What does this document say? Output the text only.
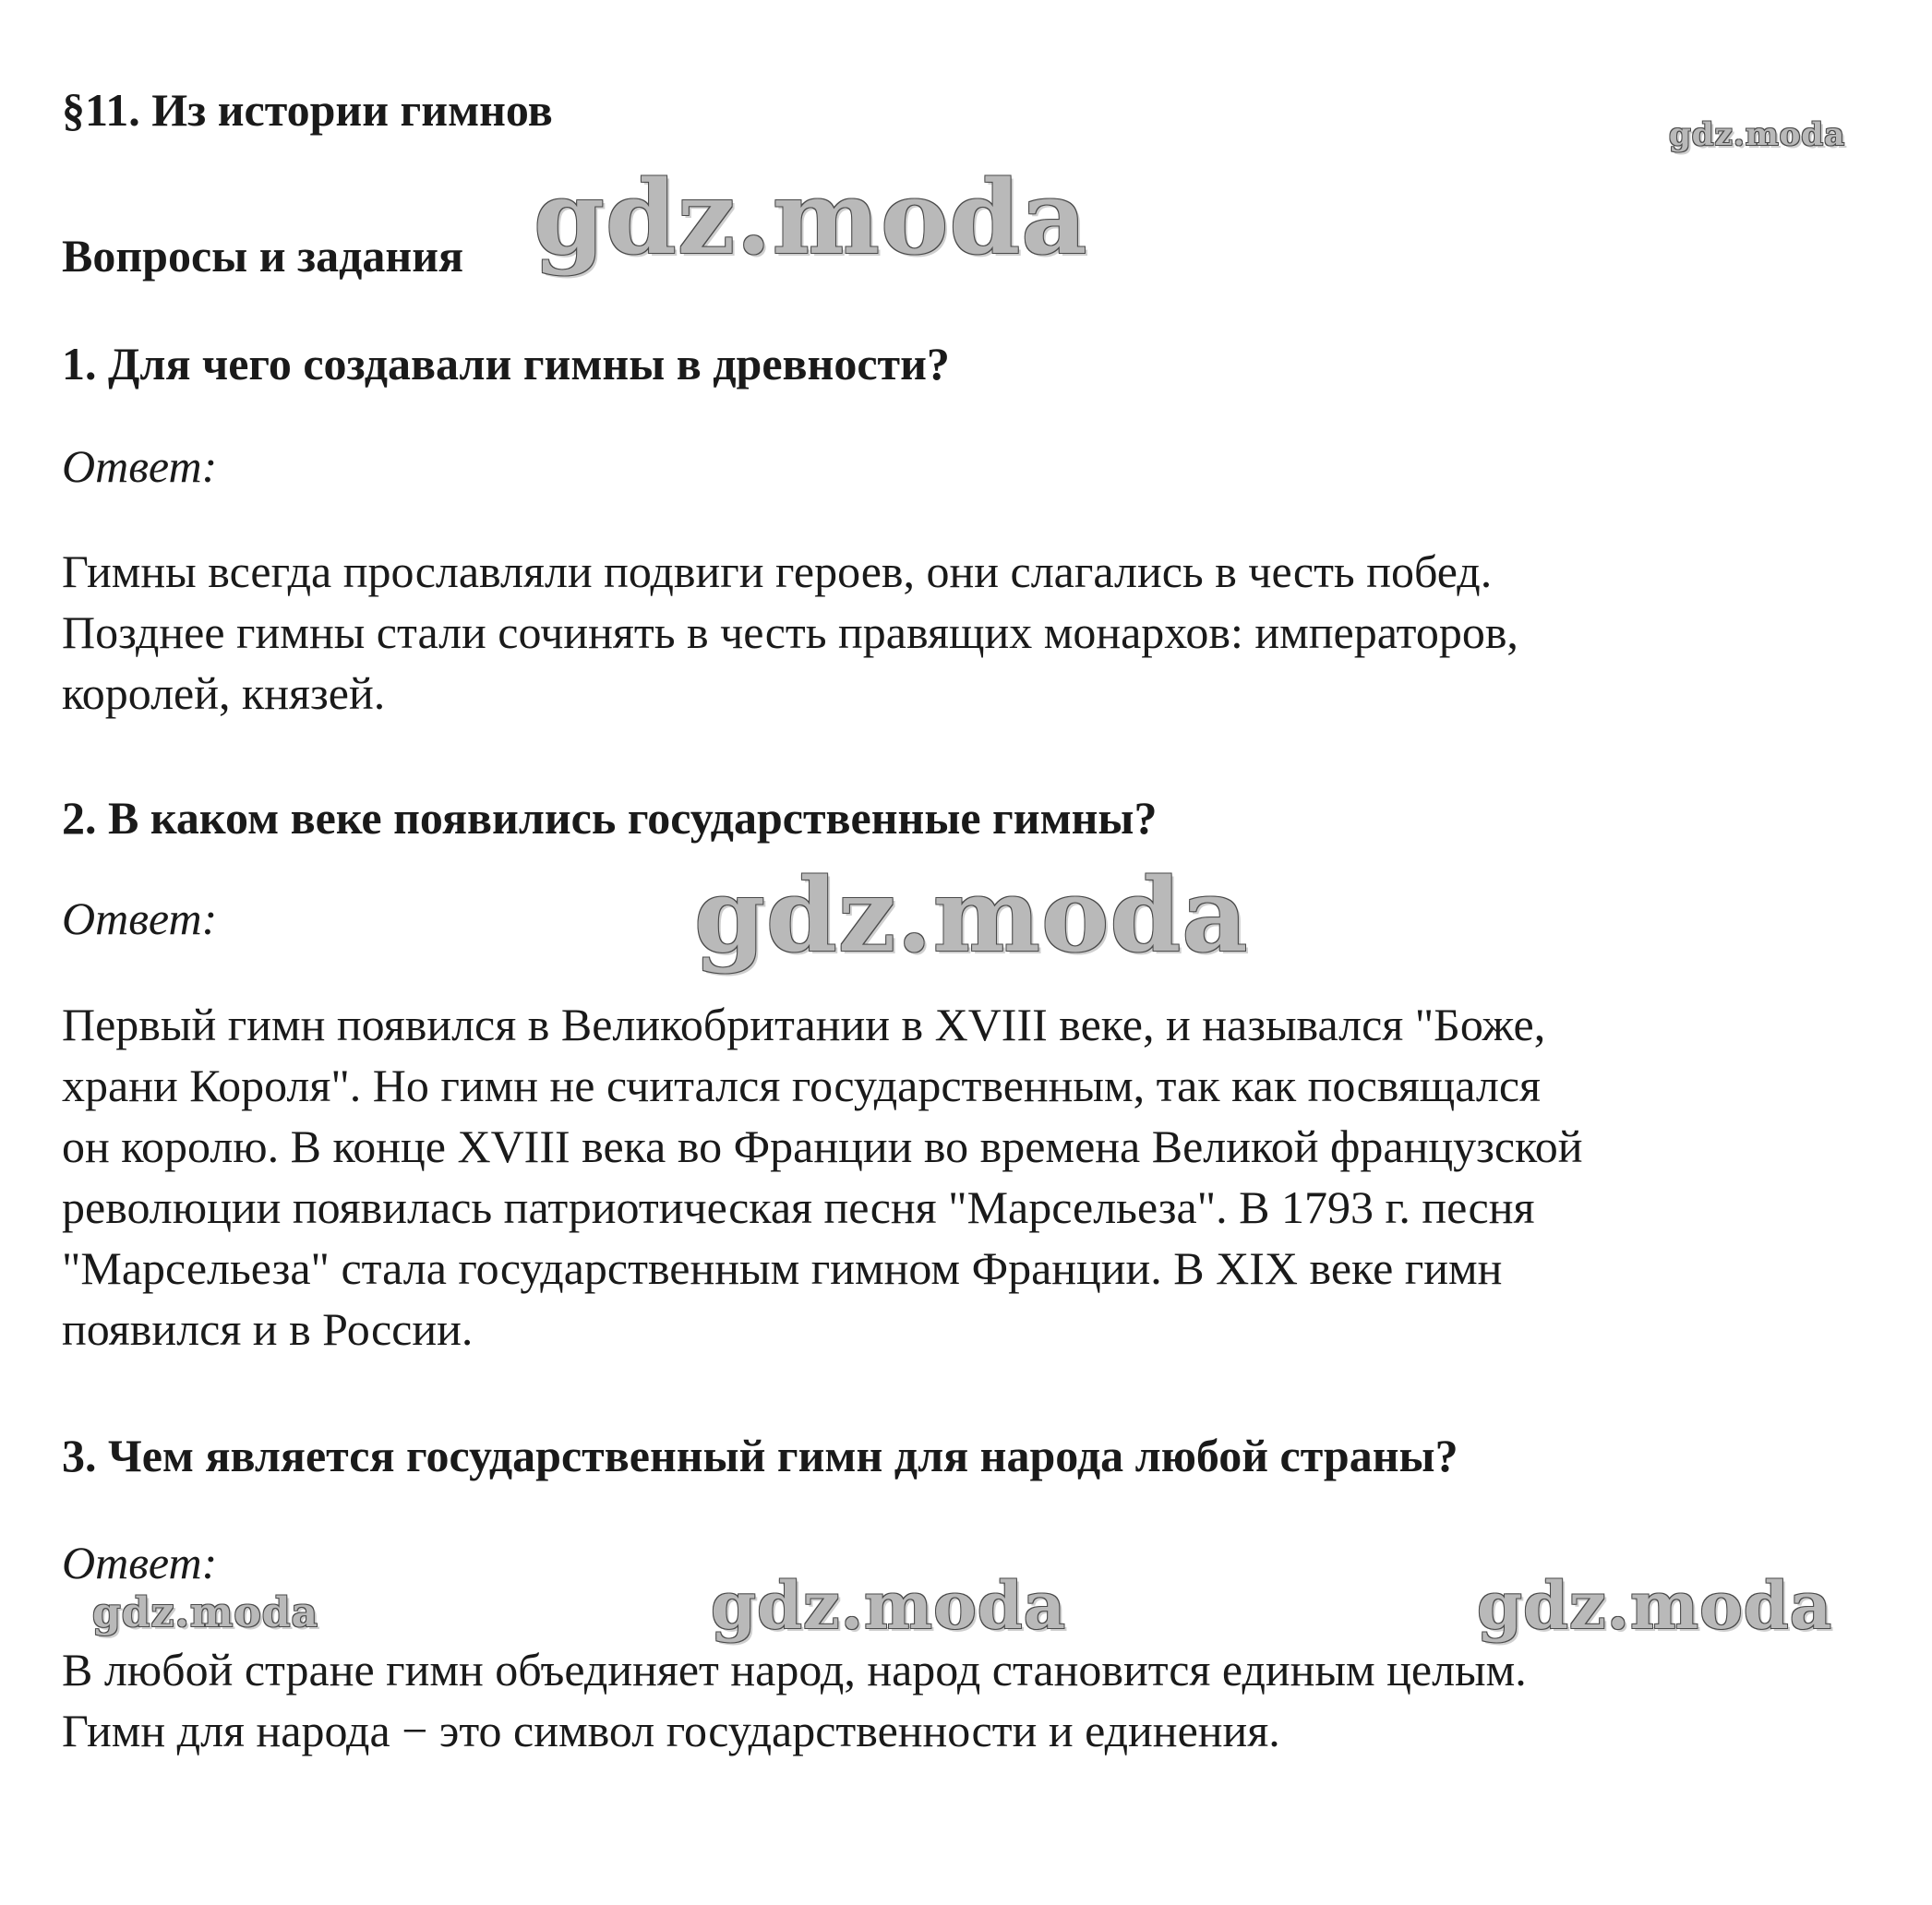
§11. Из истории гимнов
Вопросы и задания
1. Для чего создавали гимны в древности?
Ответ:
Гимны всегда прославляли подвиги героев, они слагались в честь побед.
Позднее гимны стали сочинять в честь правящих монархов: императоров,
королей, князей.
2. В каком веке появились государственные гимны?
Ответ:
Первый гимн появился в Великобритании в XVIII веке, и назывался "Боже,
храни Короля". Но гимн не считался государственным, так как посвящался
он королю. В конце XVIII века во Франции во времена Великой французской
революции появилась патриотическая песня "Марсельеза". В 1793 г. песня
"Марсельеза" стала государственным гимном Франции. В XIX веке гимн
появился и в России.
3. Чем является государственный гимн для народа любой страны?
Ответ:
В любой стране гимн объединяет народ, народ становится единым целым.
Гимн для народа − это символ государственности и единения.
gdz.moda
gdz.moda
gdz.moda
gdz.moda	gdz.moda	gdz.moda
